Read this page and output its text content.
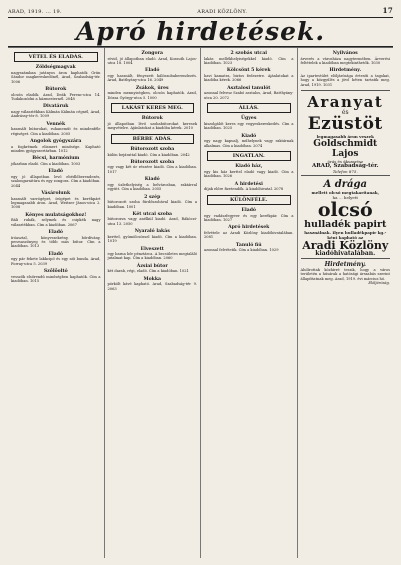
ARAD, 1919. ... 19.	ARADI KÖZLÖNY.	17
Apró hirdetések.
VÉTEL ÉS ELADÁS.
Zöldségmagvak

nagyszámban jutányos áron kaphatók Grün Sándor magkereskedőnél, Arad, Szabadság-tér. 1006

Bútorok

olcsón eladók. Arad, Deák Ferenc-utca 14. Tudakozódni a házmesternél. 2048

Divatáruk

nagy választékban Kálmán Kálmán cégnél, Arad, Andrássy-tér 8. 1009

Vennék

használt bútorokat, ruhaneműt és mindenféle régiséget. Cím a kiadóban. 2005

Angolok gyógyszára

a fogkrémek elismert minősége. Kapható minden gyógyszertárban. 1012

Bécsi, harmónium

jókarban eladó. Cím a kiadóban. 1003

Eladó

egy jó állapotban levő ebédlőberendezés, szalongarnitúra és egy zongora. Cím a kiadóban. 2044

Vásárolunk

használt varrógépet, írógépet és kerékpárt legmagasabb áron. Arad, Weitzer János-utca 2. 1008

Kényes mulatságokhoz!

Báli ruhák, selymek és csipkék nagy választékban. Cím a kiadóban. 2067

Eladó

íróasztal, könyvszekrény, bőrdívány, perzsaszőnyeg és több más bútor. Cím a kiadóban. 1013

Eladó

egy pár fekete lakkcipő és egy női bunda. Arad, Forray-utca 5. 2039

Szőlőoltó

vesszők elsőrendű minőségben kaphatók. Cím a kiadóban. 1015

Zongora

rövid, jó állapotban eladó. Arad, Kossuth Lajos-utca 18. 1004

Eladó

egy használt, fényezett hálószobaberendezés. Arad, Batthyány-utca 16. 2049

Zsákok, üres

minden mennyiségben, olcsón kaphatók. Arad, Dózsa György-utca 5. 1000

LAKÁST KERES MEG.
Bútorok

jó állapotban lévő szobabútorokat keresek megvételre. Ajánlatokat a kiadóba kérek. 2010

BÉRBE ADÁS.
Bútorozott szoba

külön bejárattal kiadó. Cím a kiadóban. 2042

Bútorozott szoba

egy vagy két úr részére kiadó. Cím a kiadóban. 1017

Kiadó

egy üzlethelyiség a belvárosban, raktárral együtt. Cím a kiadóban. 2055

2 szép

bútorozott szoba fürdőszobával kiadó. Cím a kiadóban. 1001

Két utcai szoba

bútorozva vagy anélkül kiadó. Arad, Rákóczi-utca 13. 2050

Nyaraló lakás

kerttel, gyümölcsössel kiadó. Cím a kiadóban. 1019

Elveszett

egy barna bőr pénztárca. A becsületes megtaláló jutalmat kap. Cím a kiadóban. 2060

Ázsiai bútor

két darab, régi, eladó. Cím a kiadóban. 1021

Mokka

pörkölt kávé kapható. Arad, Szabadság-tér 9. 2063

2 szobás utcai

lakás mellékhelyiségekkel kiadó. Cím a kiadóban. 1023

Kölcsönt 5 kérek

havi kamatra, biztos fedezetre. Ajánlatokat a kiadóba kérek. 2066

Asztalosi tanulót

azonnal felvesz Szabó asztalos, Arad, Batthyány-utca 20. 2072

ÁLLÁS.
Ügyes

kiszolgálót keres egy vegyeskereskedés. Cím a kiadóban. 1025

Kiadó

egy nagy kapualj, műhelynek vagy raktárnak alkalmas. Cím a kiadóban. 2074

INGATLAN.
Kiadó ház,

egy kis ház kerttel eladó vagy kiadó. Cím a kiadóban. 1026

A hirdetési

díjak előre fizetendők. A kiadóhivatal. 2078

KÜLÖNFÉLE.
Eladó

egy vadászfegyver és egy kerékpár. Cím a kiadóban. 1027

Apró hirdetések

felvétele az Aradi Közlöny kiadóhivatalában. 2081

Tanuló fiú

azonnal felvétetik. Cím a kiadóban. 1029

Nyilvános

árverés a városháza nagytermében. Árverési feltételek a kiadóban megtekinthetők. 1030

Hirdetmény.

Az ipartestület elöljárósága értesíti a tagokat, hogy a közgyűlés a jövő héten tartatik meg. Arad, 1919. 1031

Aranyat
és
Ezüstöt
legmagasabb áron veszek
Goldschmidt Lajos
órás és ékszerész
ARAD, Szabadság-tér.
Telefon 875.
A drága
mellett olcsó megtakarítanak,
ha ... helyett
olcsó
hulladék papirt
használnak. Ilyen hulladékpapír kg.-ként kapható az
Aradi Közlöny
kiadóhivatalában.
Hirdetmény.

Alulírottak közhírré teszik, hogy a város területén a húsárak a hatósági árszabás szerint állapíttatnak meg. Arad, 1919. évi március hó.

Elöljáróság.
